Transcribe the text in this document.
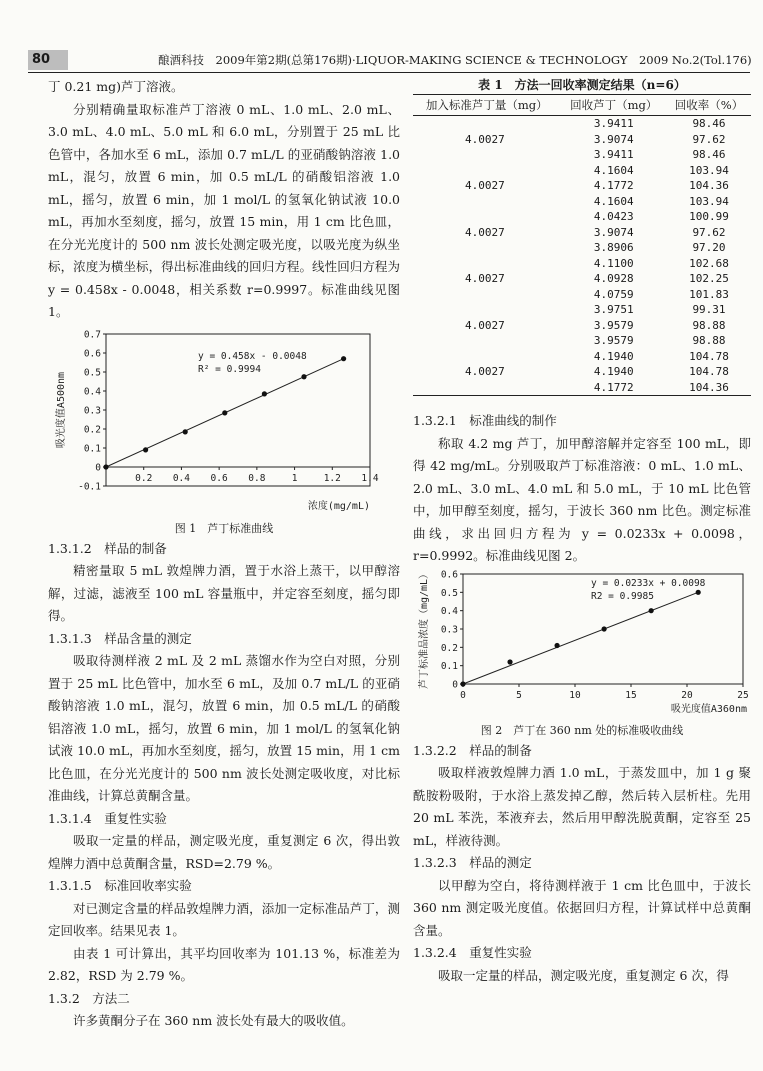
80	酿酒科技　2009年第2期(总第176期)·LIQUOR-MAKING SCIENCE & TECHNOLOGY　2009 No.2(Tol.176)

丁 0.21 mg)芦丁溶液。

分别精确量取标准芦丁溶液 0 mL、1.0 mL、2.0 mL、3.0 mL、4.0 mL、5.0 mL 和 6.0 mL，分别置于 25 mL 比色管中，各加水至 6 mL，添加 0.7 mL/L 的亚硝酸钠溶液 1.0 mL，混匀，放置 6 min，加 0.5 mL/L 的硝酸铝溶液 1.0 mL，摇匀，放置 6 min，加 1 mol/L 的氢氧化钠试液 10.0 mL，再加水至刻度，摇匀，放置 15 min，用 1 cm 比色皿，在分光光度计的 500 nm 波长处测定吸光度，以吸光度为纵坐标，浓度为横坐标，得出标准曲线的回归方程。线性回归方程为 y = 0.458x - 0.0048，相关系数 r=0.9997。标准曲线见图 1。

-0.1
0
0.1
0.2
0.3
0.4
0.5
0.6
0.7
0.2 0.4 0.6 0.8	1	1.2 1.4
y = 0.458x - 0.0048
R² = 0.9994
浓度(mg/mL)
吸光度值A500nm
图 1　芦丁标准曲线
1.3.1.2　样品的制备

精密量取 5 mL 敦煌牌力酒，置于水浴上蒸干，以甲醇溶解，过滤，滤液至 100 mL 容量瓶中，并定容至刻度，摇匀即得。

1.3.1.3　样品含量的测定

吸取待测样液 2 mL 及 2 mL 蒸馏水作为空白对照，分别置于 25 mL 比色管中，加水至 6 mL，及加 0.7 mL/L 的亚硝酸钠溶液 1.0 mL，混匀，放置 6 min，加 0.5 mL/L 的硝酸铝溶液 1.0 mL，摇匀，放置 6 min，加 1 mol/L 的氢氧化钠试液 10.0 mL，再加水至刻度，摇匀，放置 15 min，用 1 cm 比色皿，在分光光度计的 500 nm 波长处测定吸收度，对比标准曲线，计算总黄酮含量。

1.3.1.4　重复性实验

吸取一定量的样品，测定吸光度，重复测定 6 次，得出敦煌牌力酒中总黄酮含量，RSD=2.79 %。

1.3.1.5　标准回收率实验

对已测定含量的样品敦煌牌力酒，添加一定标准品芦丁，测定回收率。结果见表 1。

由表 1 可计算出，其平均回收率为 101.13 %，标准差为 2.82，RSD 为 2.79 %。

1.3.2　方法二

许多黄酮分子在 360 nm 波长处有最大的吸收值。

表 1　方法一回收率测定结果（n=6）
加入标准芦丁量（mg）	回收芦丁（mg）	回收率（%）
	3.9411	98.46
4.0027	3.9074	97.62
	3.9411	98.46
	4.1604	103.94
4.0027	4.1772	104.36
	4.1604	103.94
	4.0423	100.99
4.0027	3.9074	97.62
	3.8906	97.20
	4.1100	102.68
4.0027	4.0928	102.25
	4.0759	101.83
	3.9751	99.31
4.0027	3.9579	98.88
	3.9579	98.88
	4.1940	104.78
4.0027	4.1940	104.78
	4.1772	104.36
1.3.2.1　标准曲线的制作

称取 4.2 mg 芦丁，加甲醇溶解并定容至 100 mL，即得 42 mg/mL。分别吸取芦丁标准溶液：0 mL、1.0 mL、2.0 mL、3.0 mL、4.0 mL 和 5.0 mL，于 10 mL 比色管中，加甲醇至刻度，摇匀，于波长 360 nm 比色。测定标准曲线，求出回归方程为 y = 0.0233x + 0.0098，r=0.9992。标准曲线见图 2。

0
0.1
0.2
0.3
0.4
0.5
0.6
0	5	10	15	20	25
y = 0.0233x + 0.0098
R2 = 0.9985
吸光度值A360nm
芦丁标准品浓度（mg/mL）
图 2　芦丁在 360 nm 处的标准吸收曲线
1.3.2.2　样品的制备

吸取样液敦煌牌力酒 1.0 mL，于蒸发皿中，加 1 g 聚酰胺粉吸附，于水浴上蒸发掉乙醇，然后转入层析柱。先用 20 mL 苯洗，苯液弃去，然后用甲醇洗脱黄酮，定容至 25 mL，样液待测。

1.3.2.3　样品的测定

以甲醇为空白，将待测样液于 1 cm 比色皿中，于波长 360 nm 测定吸光度值。依据回归方程，计算试样中总黄酮含量。

1.3.2.4　重复性实验

吸取一定量的样品，测定吸光度，重复测定 6 次，得
